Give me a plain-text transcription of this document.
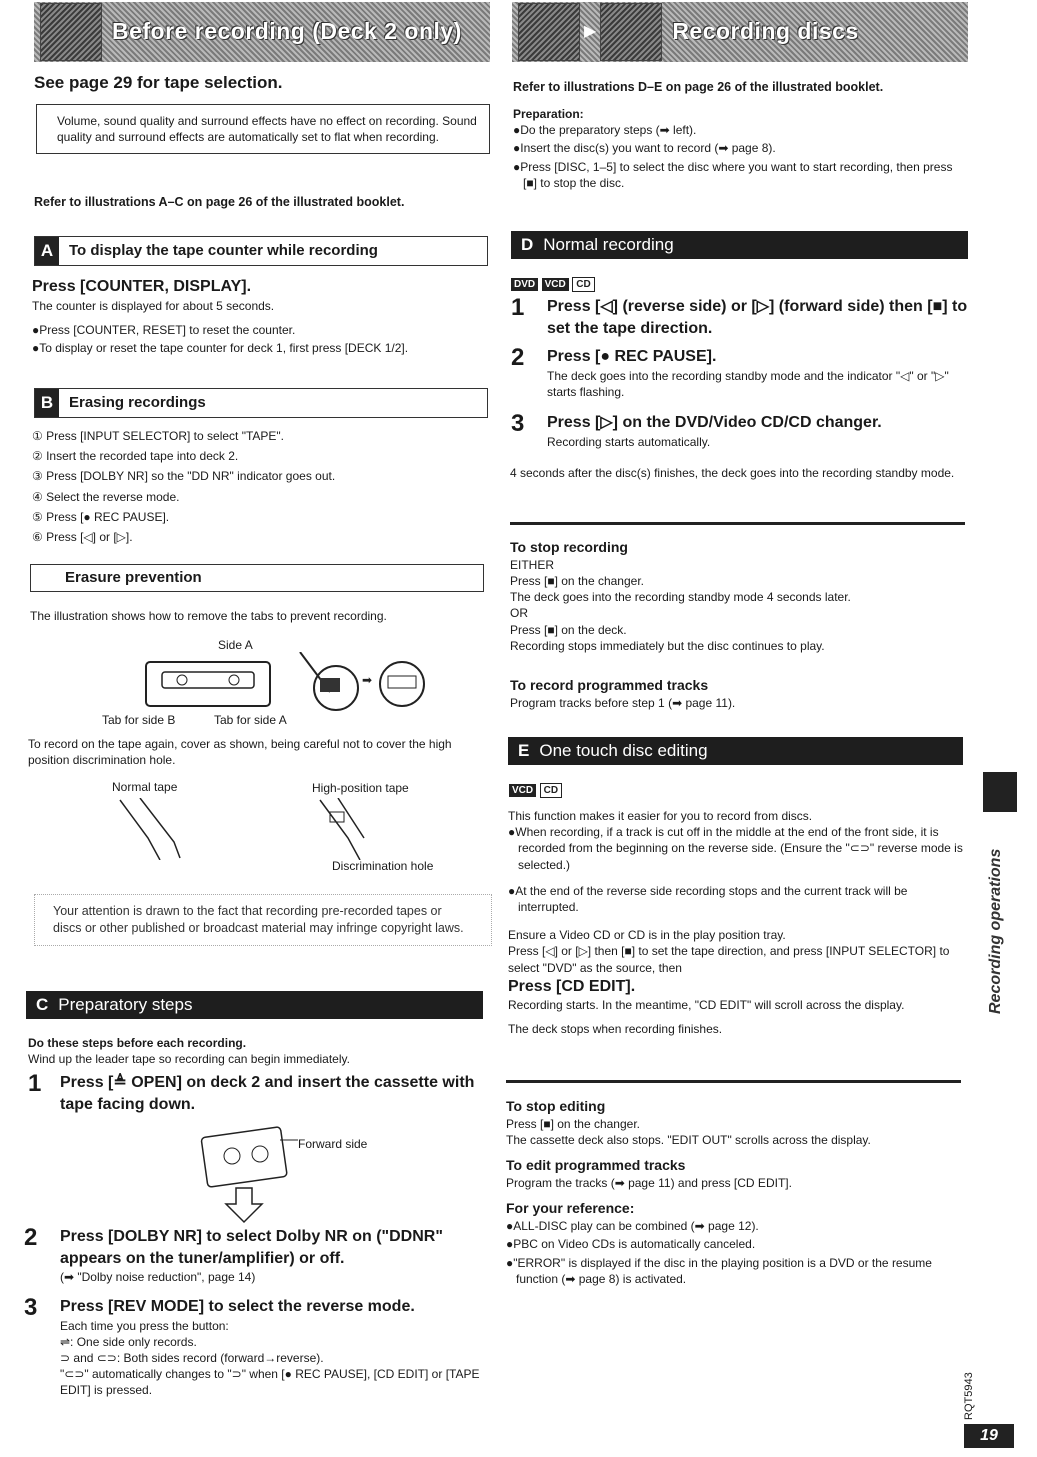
Before recording (Deck 2 only)	▶	Recording discs
See page 29 for tape selection.
Volume, sound quality and surround effects have no effect on recording. Sound quality and surround effects are automatically set to flat when recording.
Refer to illustrations A–C on page 26 of the illustrated booklet.
A	To display the tape counter while recording
Press [COUNTER, DISPLAY].
The counter is displayed for about 5 seconds.
●Press [COUNTER, RESET] to reset the counter.
●To display or reset the tape counter for deck 1, first press [DECK 1/2].
B	Erasing recordings
① Press [INPUT SELECTOR] to select "TAPE".
② Insert the recorded tape into deck 2.
③ Press [DOLBY NR] so the "DD NR" indicator goes out.
④ Select the reverse mode.
⑤ Press [● REC PAUSE].
⑥ Press [◁] or [▷].
Erasure prevention
The illustration shows how to remove the tabs to prevent recording.
Side A
➡
Tab for side B	Tab for side A
To record on the tape again, cover as shown, being careful not to cover the high position discrimination hole.
Normal tape	High-position tape
Discrimination hole
Your attention is drawn to the fact that recording pre-recorded tapes or discs or other published or broadcast material may infringe copyright laws.
C Preparatory steps
Do these steps before each recording.
Wind up the leader tape so recording can begin immediately.
1	Press [≜ OPEN] on deck 2 and insert the cassette with tape facing down.
Forward side
2	Press [DOLBY NR] to select Dolby NR on ("DDNR" appears on the tuner/amplifier) or off.
(➡ "Dolby noise reduction", page 14)
3	Press [REV MODE] to select the reverse mode.
Each time you press the button:
⇌: One side only records.
⊃ and ⊂⊃: Both sides record (forward→reverse).
"⊂⊃" automatically changes to "⊃" when [● REC PAUSE], [CD EDIT] or [TAPE EDIT] is pressed.
Refer to illustrations D–E on page 26 of the illustrated booklet.
Preparation:
●Do the preparatory steps (➡ left).
●Insert the disc(s) you want to record (➡ page 8).
●Press [DISC, 1–5] to select the disc where you want to start recording, then press [■] to stop the disc.
D Normal recording
DVD VCD CD
1	Press [◁] (reverse side) or [▷] (forward side) then [■] to set the tape direction.
2	Press [● REC PAUSE].
The deck goes into the recording standby mode and the indicator "◁" or "▷" starts flashing.
3	Press [▷] on the DVD/Video CD/CD changer.
Recording starts automatically.
4 seconds after the disc(s) finishes, the deck goes into the recording standby mode.
To stop recording
EITHER
Press [■] on the changer.
The deck goes into the recording standby mode 4 seconds later.
OR
Press [■] on the deck.
Recording stops immediately but the disc continues to play.
To record programmed tracks
Program tracks before step 1 (➡ page 11).
E One touch disc editing
VCD CD
This function makes it easier for you to record from discs.
●When recording, if a track is cut off in the middle at the end of the front side, it is recorded from the beginning on the reverse side. (Ensure the "⊂⊃" reverse mode is selected.)
●At the end of the reverse side recording stops and the current track will be interrupted.
Ensure a Video CD or CD is in the play position tray.
Press [◁] or [▷] then [■] to set the tape direction, and press [INPUT SELECTOR] to select "DVD" as the source, then
Press [CD EDIT].
Recording starts. In the meantime, "CD EDIT" will scroll across the display.
The deck stops when recording finishes.
To stop editing
Press [■] on the changer.
The cassette deck also stops. "EDIT OUT" scrolls across the display.
To edit programmed tracks
Program the tracks (➡ page 11) and press [CD EDIT].
For your reference:
●ALL-DISC play can be combined (➡ page 12).
●PBC on Video CDs is automatically canceled.
●"ERROR" is displayed if the disc in the playing position is a DVD or the resume function (➡ page 8) is activated.
Recording operations
RQT5943
19
